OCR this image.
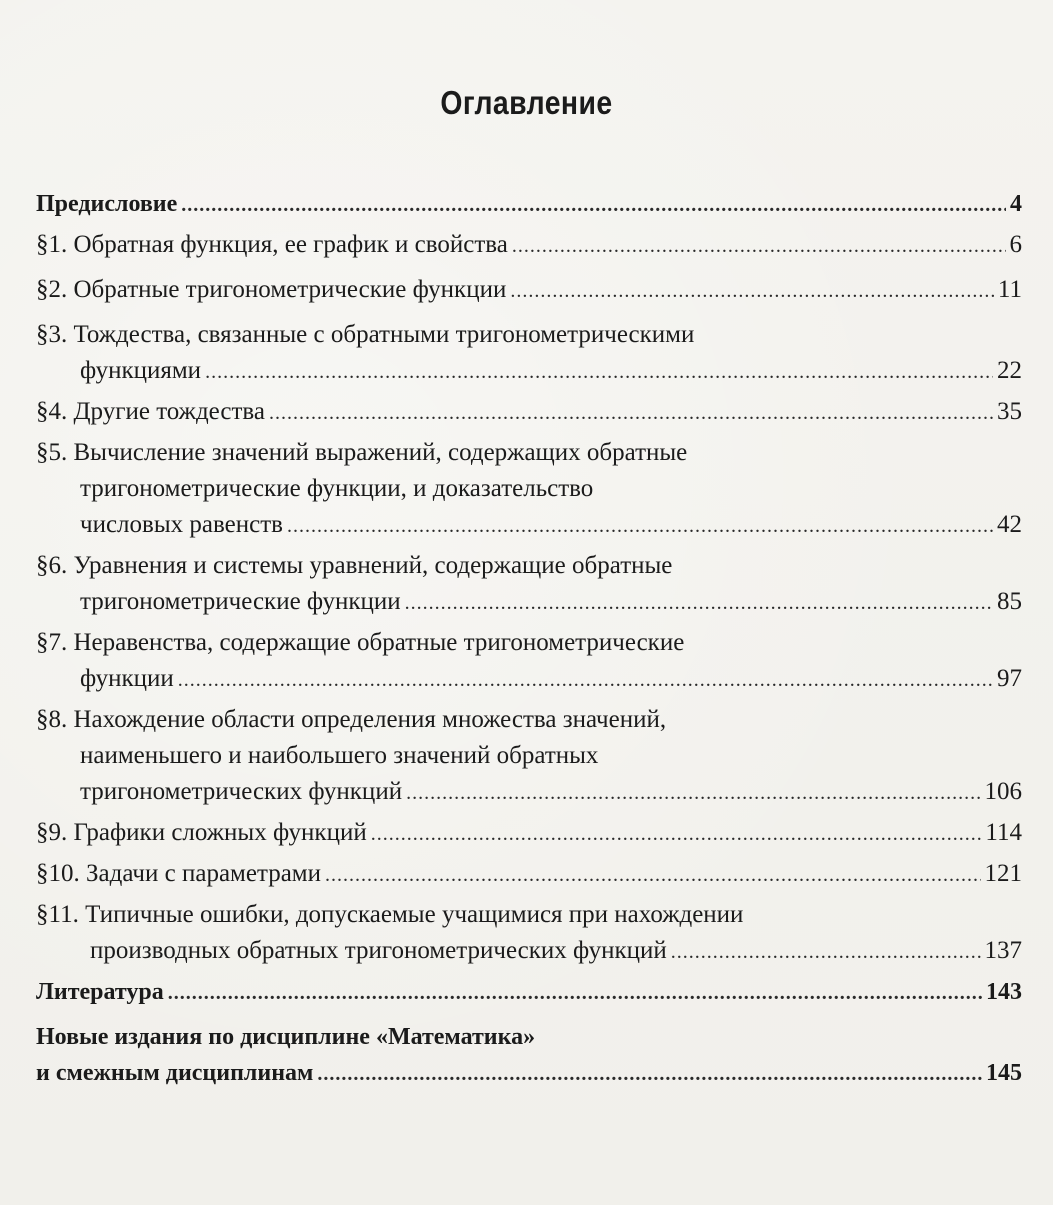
Оглавление
Предисловие .....	4
§1. Обратная функция, ее график и свойства .....	6
§2. Обратные тригонометрические функции .....	11
§3. Тождества, связанные с обратными тригонометрическими
функциями .....	22
§4. Другие тождества .....	35
§5. Вычисление значений выражений, содержащих обратные
тригонометрические функции, и доказательство
числовых равенств .....	42
§6. Уравнения и системы уравнений, содержащие обратные
тригонометрические функции .....	85
§7. Неравенства, содержащие обратные тригонометрические
функции .....	97
§8. Нахождение области определения множества значений,
наименьшего и наибольшего значений обратных
тригонометрических функций .....	106
§9. Графики сложных функций .....	114
§10. Задачи с параметрами .....	121
§11. Типичные ошибки, допускаемые учащимися при нахождении
производных обратных тригонометрических функций .....	137
Литература .....	143
Новые издания по дисциплине «Математика»
и смежным дисциплинам .....	145
